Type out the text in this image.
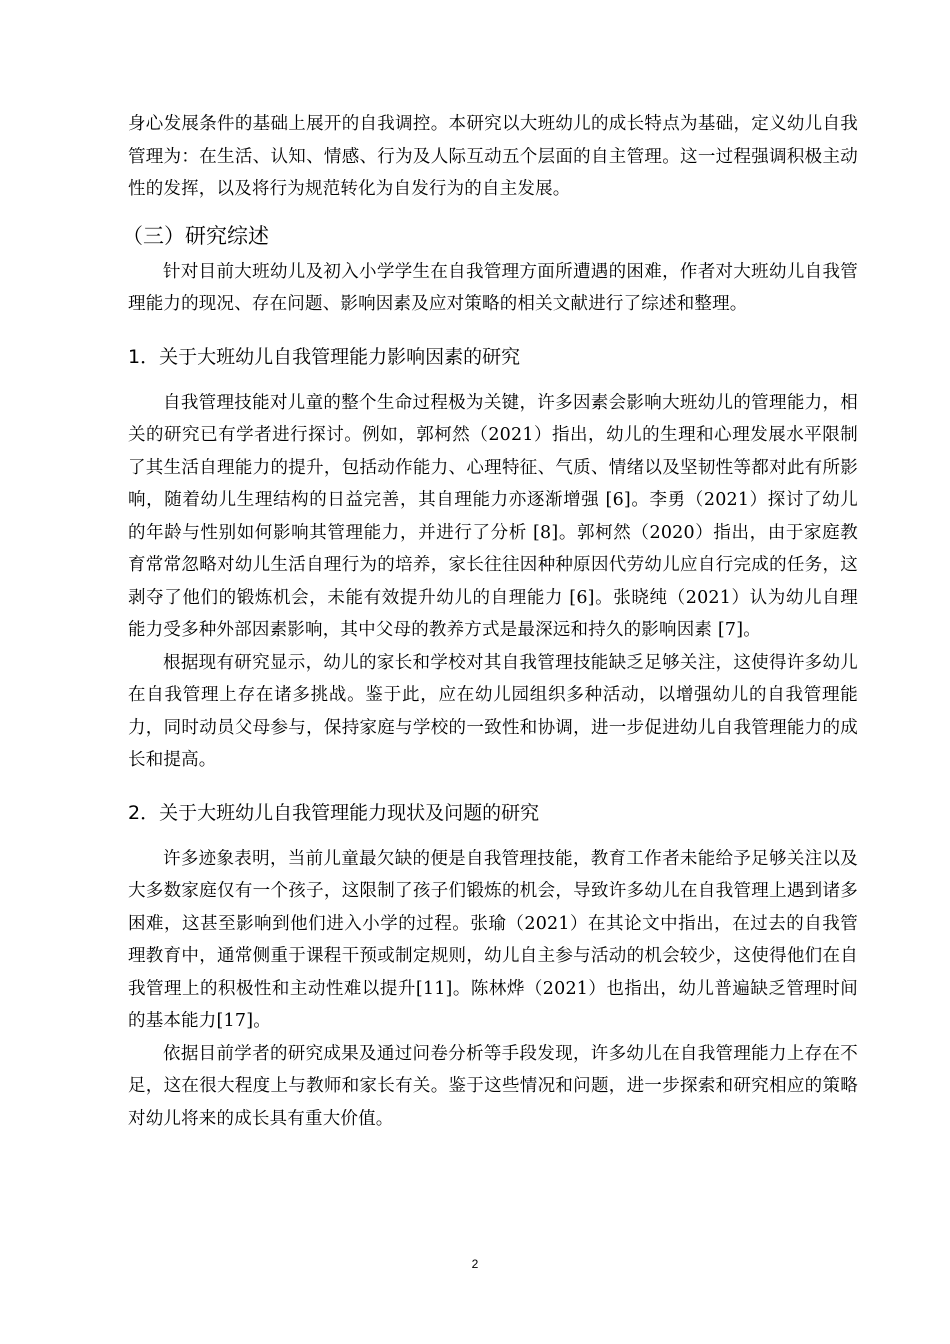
身心发展条件的基础上展开的自我调控。本研究以大班幼儿的成长特点为基础，定义幼儿自我管理为：在生活、认知、情感、行为及人际互动五个层面的自主管理。这一过程强调积极主动性的发挥，以及将行为规范转化为自发行为的自主发展。

（三）研究综述

针对目前大班幼儿及初入小学学生在自我管理方面所遭遇的困难，作者对大班幼儿自我管理能力的现况、存在问题、影响因素及应对策略的相关文献进行了综述和整理。

1．关于大班幼儿自我管理能力影响因素的研究

自我管理技能对儿童的整个生命过程极为关键，许多因素会影响大班幼儿的管理能力，相关的研究已有学者进行探讨。例如，郭柯然（2021）指出，幼儿的生理和心理发展水平限制了其生活自理能力的提升，包括动作能力、心理特征、气质、情绪以及坚韧性等都对此有所影响，随着幼儿生理结构的日益完善，其自理能力亦逐渐增强 [6]。李勇（2021）探讨了幼儿的年龄与性别如何影响其管理能力，并进行了分析 [8]。郭柯然（2020）指出，由于家庭教育常常忽略对幼儿生活自理行为的培养，家长往往因种种原因代劳幼儿应自行完成的任务，这剥夺了他们的锻炼机会，未能有效提升幼儿的自理能力 [6]。张晓纯（2021）认为幼儿自理能力受多种外部因素影响，其中父母的教养方式是最深远和持久的影响因素 [7]。

根据现有研究显示，幼儿的家长和学校对其自我管理技能缺乏足够关注，这使得许多幼儿在自我管理上存在诸多挑战。鉴于此，应在幼儿园组织多种活动，以增强幼儿的自我管理能力，同时动员父母参与，保持家庭与学校的一致性和协调，进一步促进幼儿自我管理能力的成长和提高。

2．关于大班幼儿自我管理能力现状及问题的研究

许多迹象表明，当前儿童最欠缺的便是自我管理技能，教育工作者未能给予足够关注以及大多数家庭仅有一个孩子，这限制了孩子们锻炼的机会，导致许多幼儿在自我管理上遇到诸多困难，这甚至影响到他们进入小学的过程。张瑜（2021）在其论文中指出，在过去的自我管理教育中，通常侧重于课程干预或制定规则，幼儿自主参与活动的机会较少，这使得他们在自我管理上的积极性和主动性难以提升[11]。陈林烨（2021）也指出，幼儿普遍缺乏管理时间的基本能力[17]。

依据目前学者的研究成果及通过问卷分析等手段发现，许多幼儿在自我管理能力上存在不足，这在很大程度上与教师和家长有关。鉴于这些情况和问题，进一步探索和研究相应的策略对幼儿将来的成长具有重大价值。

2
